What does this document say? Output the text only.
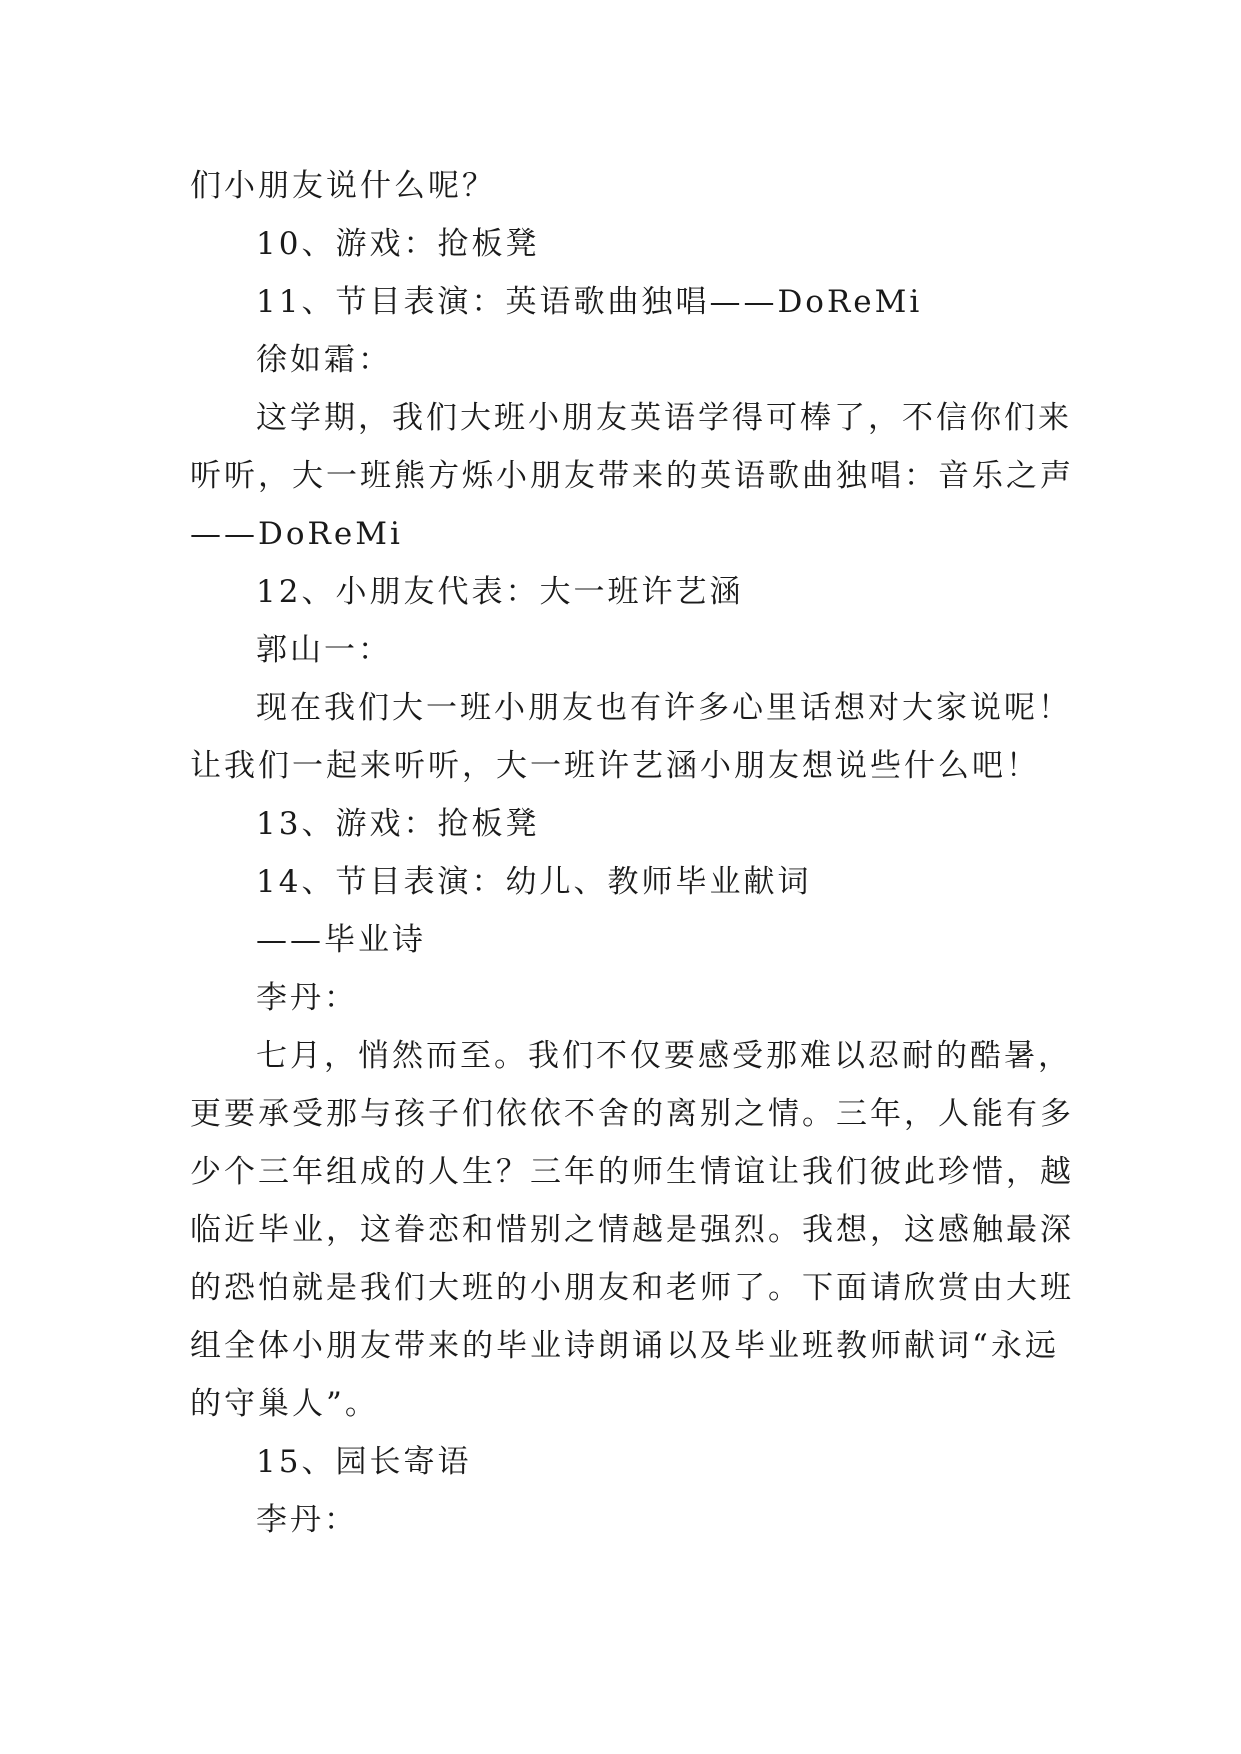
们小朋友说什么呢？
10、游戏：抢板凳
11、节目表演：英语歌曲独唱——DoReMi
徐如霜：
这学期，我们大班小朋友英语学得可棒了，不信你们来
听听，大一班熊方烁小朋友带来的英语歌曲独唱：音乐之声
——DoReMi
12、小朋友代表：大一班许艺涵
郭山一：
现在我们大一班小朋友也有许多心里话想对大家说呢！
让我们一起来听听，大一班许艺涵小朋友想说些什么吧！
13、游戏：抢板凳
14、节目表演：幼儿、教师毕业献词
——毕业诗
李丹：
七月，悄然而至。我们不仅要感受那难以忍耐的酷暑，
更要承受那与孩子们依依不舍的离别之情。三年，人能有多
少个三年组成的人生？三年的师生情谊让我们彼此珍惜，越
临近毕业，这眷恋和惜别之情越是强烈。我想，这感触最深
的恐怕就是我们大班的小朋友和老师了。下面请欣赏由大班
组全体小朋友带来的毕业诗朗诵以及毕业班教师献词“永远
的守巢人”。
15、园长寄语
李丹：
